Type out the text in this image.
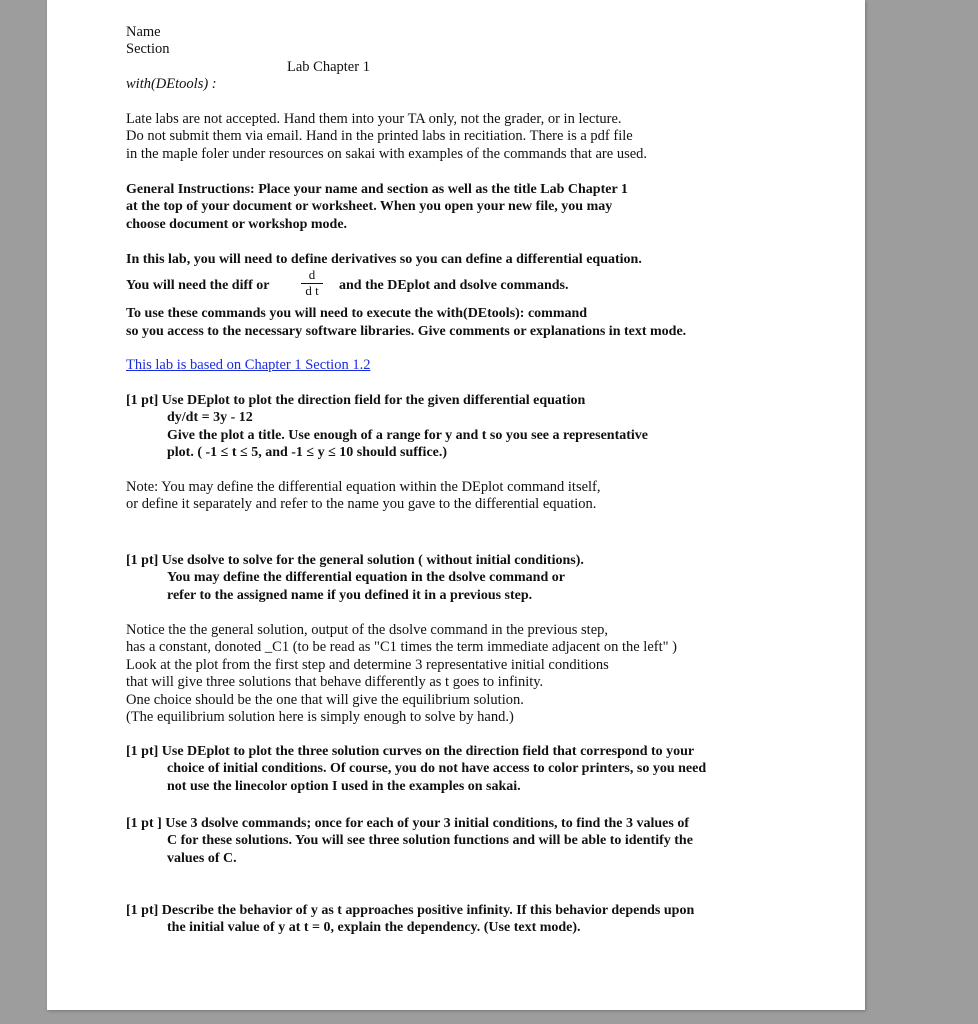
Name
Section
Lab Chapter 1
with(DEtools) :
Late labs are not accepted. Hand them into your TA only, not the grader, or in lecture.
Do not submit them via email. Hand in the printed labs in recitiation. There is a pdf file
in the maple foler under resources on sakai with examples of the commands that are used.
General Instructions: Place your name and section as well as the title Lab Chapter 1
at the top of your document or worksheet. When you open your new file, you may
choose document or workshop mode.
In this lab, you will need to define derivatives so you can define a differential equation.
You will need the diff or
d
d t	and the DEplot and dsolve commands.
To use these commands you will need to execute the with(DEtools): command
so you access to the necessary software libraries. Give comments or explanations in text mode.
This lab is based on Chapter 1 Section 1.2
[1 pt] Use DEplot to plot the direction field for the given differential equation
dy/dt = 3y - 12
Give the plot a title. Use enough of a range for y and t so you see a representative
plot. ( -1 ≤ t ≤ 5, and -1 ≤ y ≤ 10 should suffice.)
Note: You may define the differential equation within the DEplot command itself,
or define it separately and refer to the name you gave to the differential equation.
[1 pt] Use dsolve to solve for the general solution ( without initial conditions).
You may define the differential equation in the dsolve command or
refer to the assigned name if you defined it in a previous step.
Notice the the general solution, output of the dsolve command in the previous step,
has a constant, donoted _C1 (to be read as "C1 times the term immediate adjacent on the left" )
Look at the plot from the first step and determine 3 representative initial conditions
that will give three solutions that behave differently as t goes to infinity.
One choice should be the one that will give the equilibrium solution.
(The equilibrium solution here is simply enough to solve by hand.)
[1 pt] Use DEplot to plot the three solution curves on the direction field that correspond to your
choice of initial conditions. Of course, you do not have access to color printers, so you need
not use the linecolor option I used in the examples on sakai.
[1 pt ] Use 3 dsolve commands; once for each of your 3 initial conditions, to find the 3 values of
C for these solutions. You will see three solution functions and will be able to identify the
values of C.
[1 pt] Describe the behavior of y as t approaches positive infinity. If this behavior depends upon
the initial value of y at t = 0, explain the dependency. (Use text mode).
